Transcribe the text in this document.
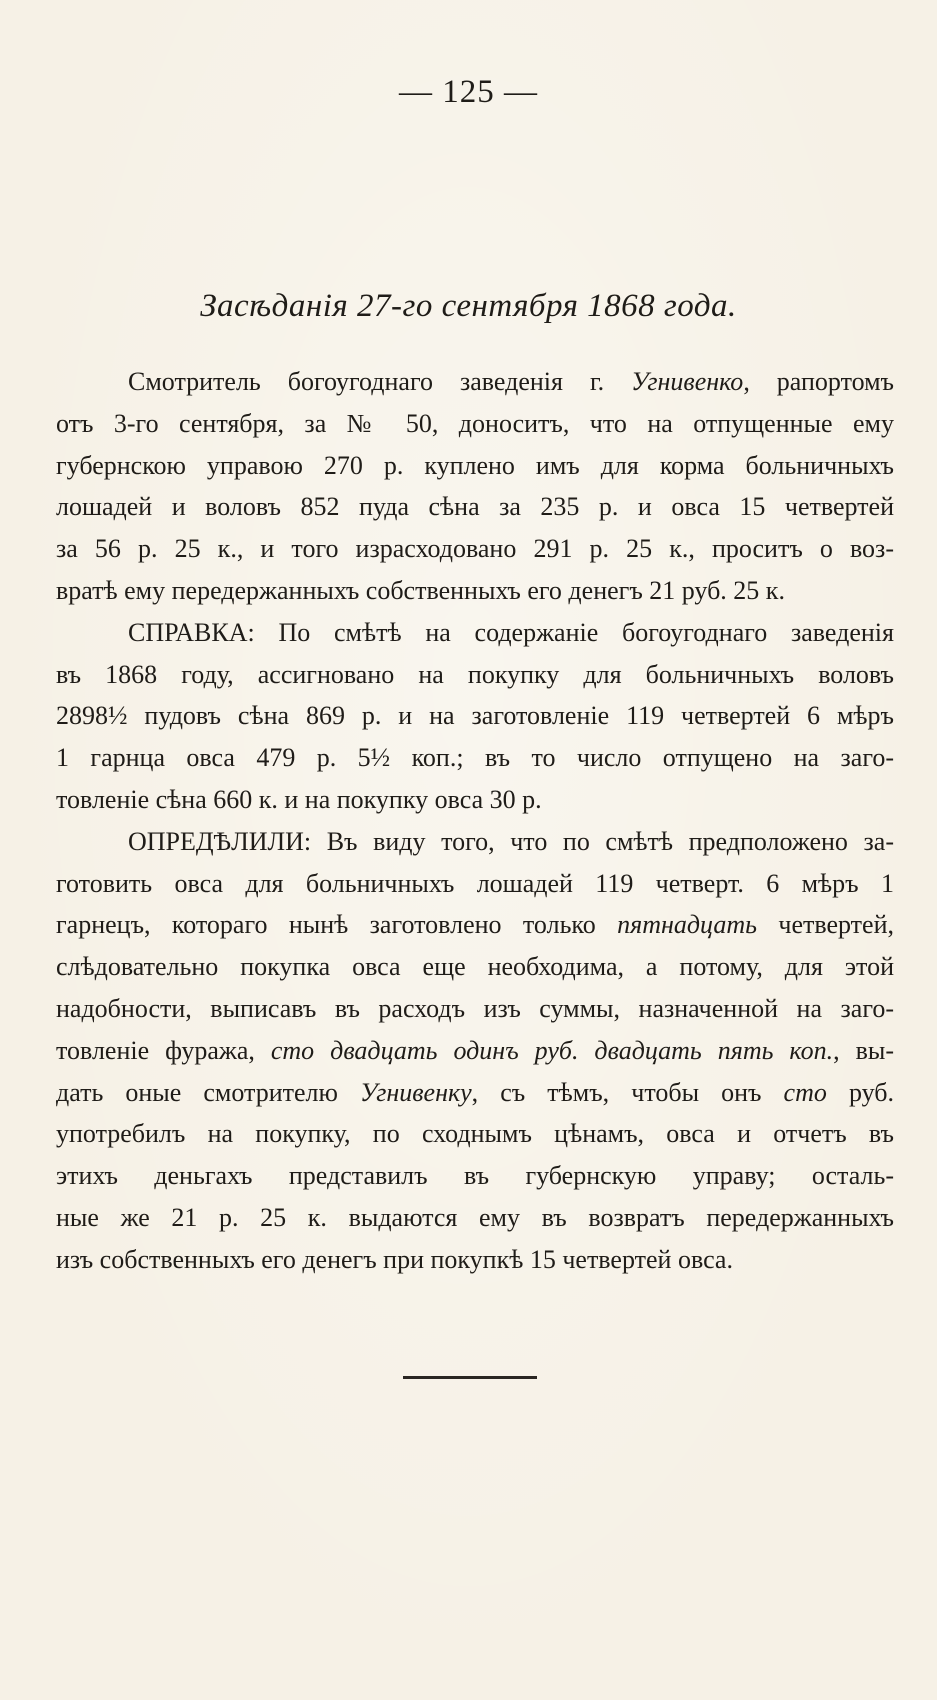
— 125 —
Засѣданія 27-го сентября 1868 года.
Смотритель богоугоднаго заведенія г. Угнивенко, рапортомъ
отъ 3-го сентября, за № 50, доноситъ, что на отпущенные ему
губернскою управою 270 р. куплено имъ для корма больничныхъ
лошадей и воловъ 852 пуда сѣна за 235 р. и овса 15 четвертей
за 56 р. 25 к., и того израсходовано 291 р. 25 к., проситъ о воз-
вратѣ ему передержанныхъ собственныхъ его денегъ 21 руб. 25 к.
СПРАВКА: По смѣтѣ на содержаніе богоугоднаго заведенія
въ 1868 году, ассигновано на покупку для больничныхъ воловъ
2898½ пудовъ сѣна 869 р. и на заготовленіе 119 четвертей 6 мѣръ
1 гарнца овса 479 р. 5½ коп.; въ то число отпущено на заго-
товленіе сѣна 660 к. и на покупку овса 30 р.
ОПРЕДѢЛИЛИ: Въ виду того, что по смѣтѣ предположено за-
готовить овса для больничныхъ лошадей 119 четверт. 6 мѣръ 1
гарнецъ, котораго нынѣ заготовлено только пятнадцать четвертей,
слѣдовательно покупка овса еще необходима, а потому, для этой
надобности, выписавъ въ расходъ изъ суммы, назначенной на заго-
товленіе фуража, сто двадцать одинъ руб. двадцать пять коп., вы-
дать оные смотрителю Угнивенку, съ тѣмъ, чтобы онъ сто руб.
употребилъ на покупку, по сходнымъ цѣнамъ, овса и отчетъ въ
этихъ деньгахъ представилъ въ губернскую управу; осталь-
ные же 21 р. 25 к. выдаются ему въ возвратъ передержанныхъ
изъ собственныхъ его денегъ при покупкѣ 15 четвертей овса.
